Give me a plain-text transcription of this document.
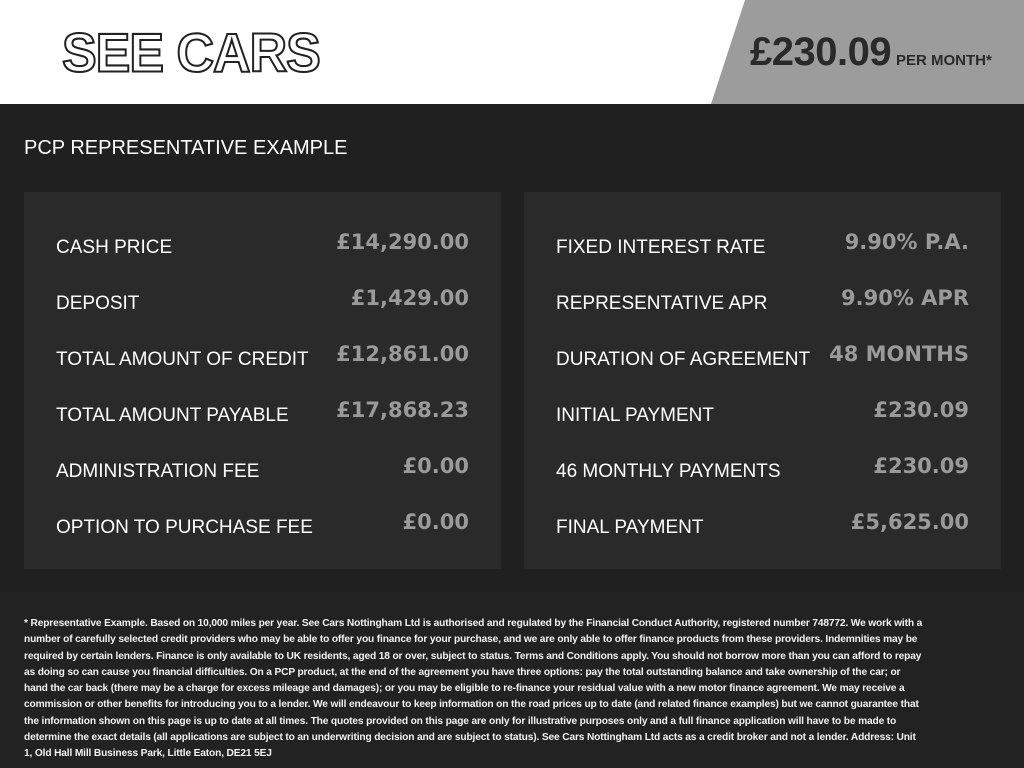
SEE CARS	£230.09 PER MONTH*
PCP REPRESENTATIVE EXAMPLE
CASH PRICE	£14,290.00
DEPOSIT	£1,429.00
TOTAL AMOUNT OF CREDIT £12,861.00
TOTAL AMOUNT PAYABLE £17,868.23
ADMINISTRATION FEE	£0.00
OPTION TO PURCHASE FEE	£0.00
FIXED INTEREST RATE	9.90% P.A.
REPRESENTATIVE APR	9.90% APR
DURATION OF AGREEMENT 48 MONTHS
INITIAL PAYMENT	£230.09
46 MONTHLY PAYMENTS	£230.09
FINAL PAYMENT	£5,625.00
* Representative Example. Based on 10,000 miles per year. See Cars Nottingham Ltd is authorised and regulated by the Financial Conduct Authority, registered number 748772. We work with a number of carefully selected credit providers who may be able to offer you finance for your purchase, and we are only able to offer finance products from these providers. Indemnities may be required by certain lenders. Finance is only available to UK residents, aged 18 or over, subject to status. Terms and Conditions apply. You should not borrow more than you can afford to repay as doing so can cause you financial difficulties. On a PCP product, at the end of the agreement you have three options: pay the total outstanding balance and take ownership of the car; or hand the car back (there may be a charge for excess mileage and damages); or you may be eligible to re-finance your residual value with a new motor finance agreement. We may receive a commission or other benefits for introducing you to a lender. We will endeavour to keep information on the road prices up to date (and related finance examples) but we cannot guarantee that the information shown on this page is up to date at all times. The quotes provided on this page are only for illustrative purposes only and a full finance application will have to be made to determine the exact details (all applications are subject to an underwriting decision and are subject to status). See Cars Nottingham Ltd acts as a credit broker and not a lender. Address: Unit 1, Old Hall Mill Business Park, Little Eaton, DE21 5EJ
